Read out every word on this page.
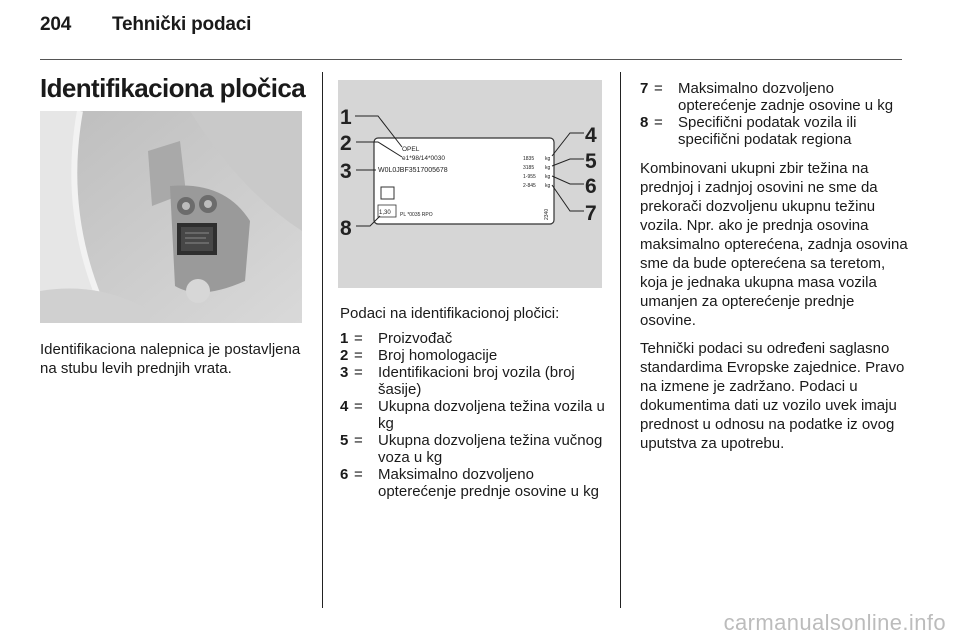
204 Tehnički podaci
Identifikaciona pločica

Identifikaciona nalepnica je postavljena na stubu levih prednjih vrata.

OPEL
e1*98/14*0030
W0L0JBF3517005678
1835
3185
1-955
2-845
kg
kg
kg
kg
1,30 PL *0035 RPO	2340
1
2
3
8
4
5
6
7

Podaci na identifikacionoj pločici:

1 =	Proizvođač
2 =	Broj homologacije
3 =	Identifikacioni broj vozila (broj šasije)
4 =	Ukupna dozvoljena težina vozila u kg
5 =	Ukupna dozvoljena težina vučnog voza u kg
6 =	Maksimalno dozvoljeno opterećenje prednje osovine u kg
7 =	Maksimalno dozvoljeno opterećenje zadnje osovine u kg
8 =	Specifični podatak vozila ili specifični podatak regiona

Kombinovani ukupni zbir težina na prednjoj i zadnjoj osovini ne sme da prekorači dozvoljenu ukupnu težinu vozila. Npr. ako je prednja osovina maksimalno opterećena, zadnja osovina sme da bude opterećena sa teretom, koja je jednaka ukupna masa vozila umanjen za opterećenje prednje osovine.

Tehnički podaci su određeni saglasno standardima Evropske zajednice. Pravo na izmene je zadržano. Podaci u dokumentima dati uz vozilo uvek imaju prednost u odnosu na podatke iz ovog uputstva za upotrebu.

carmanualsonline.info
